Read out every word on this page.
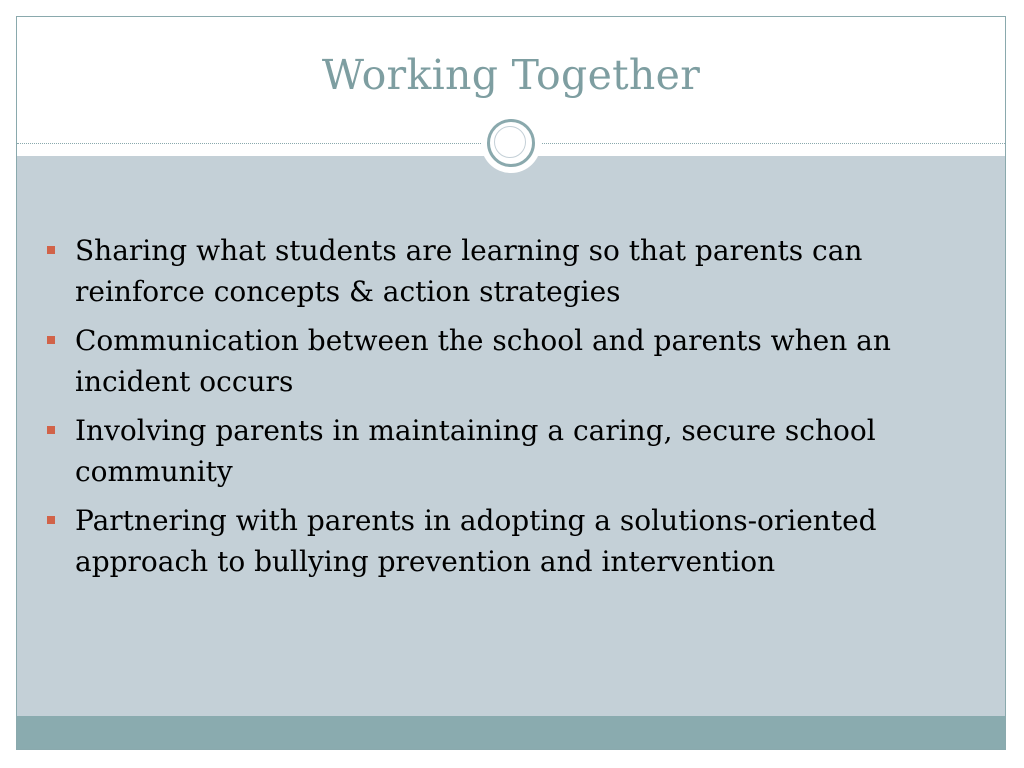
Working Together
Sharing what students are learning so that parents can reinforce concepts & action strategies
Communication between the school and parents when an incident occurs
Involving parents in maintaining a caring, secure school community
Partnering with parents in adopting a solutions-oriented approach to bullying prevention and intervention
